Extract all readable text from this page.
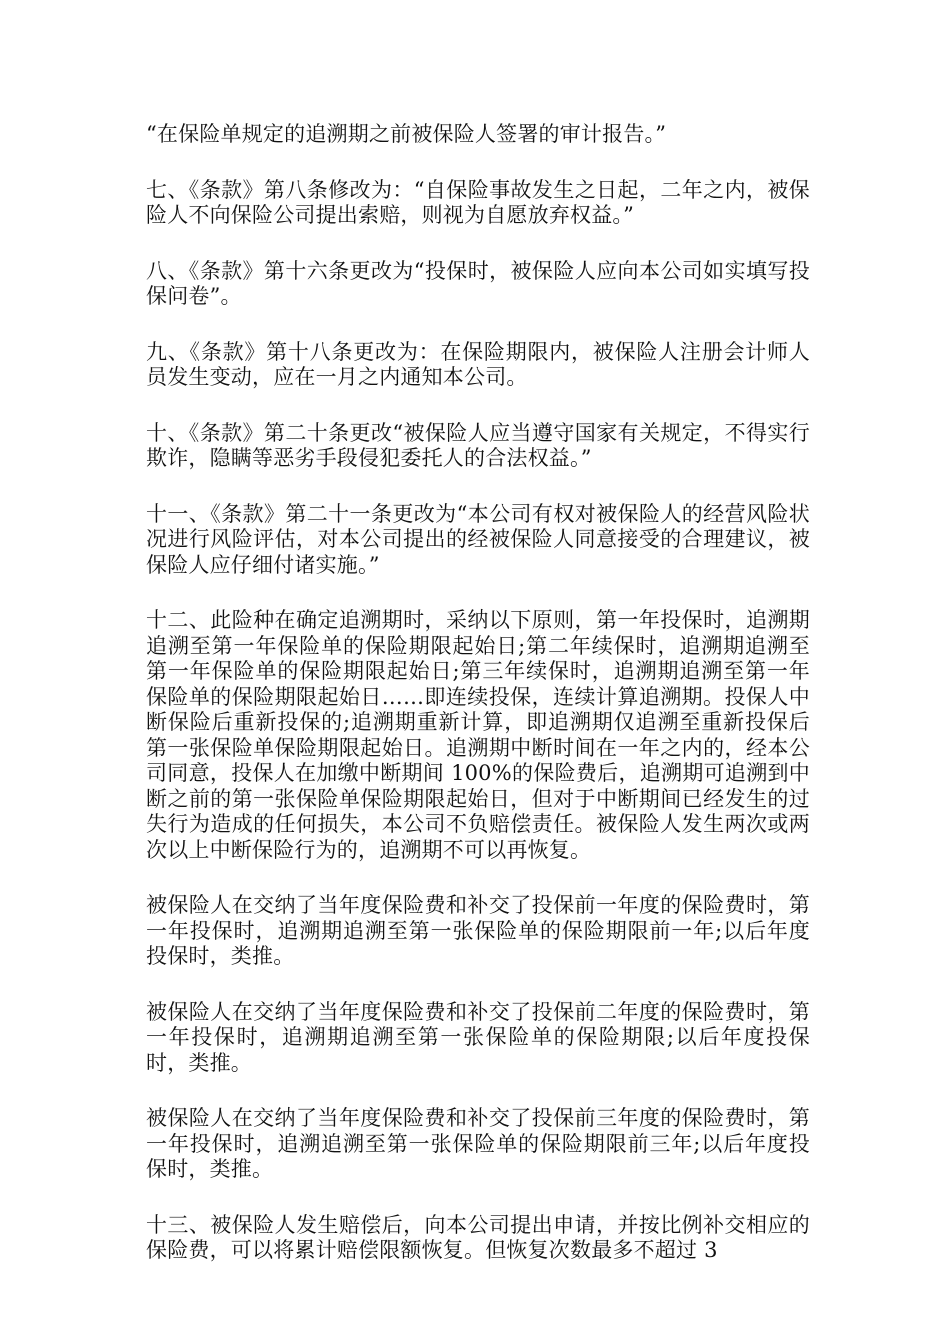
“在保险单规定的追溯期之前被保险人签署的审计报告。”

七、《条款》第八条修改为：“自保险事故发生之日起，二年之内，被保险人不向保险公司提出索赔，则视为自愿放弃权益。”

八、《条款》第十六条更改为“投保时，被保险人应向本公司如实填写投保问卷”。

九、《条款》第十八条更改为：在保险期限内，被保险人注册会计师人员发生变动，应在一月之内通知本公司。

十、《条款》第二十条更改“被保险人应当遵守国家有关规定，不得实行欺诈，隐瞒等恶劣手段侵犯委托人的合法权益。”

十一、《条款》第二十一条更改为“本公司有权对被保险人的经营风险状况进行风险评估，对本公司提出的经被保险人同意接受的合理建议，被保险人应仔细付诸实施。”

十二、此险种在确定追溯期时，采纳以下原则，第一年投保时，追溯期追溯至第一年保险单的保险期限起始日;第二年续保时，追溯期追溯至第一年保险单的保险期限起始日;第三年续保时，追溯期追溯至第一年保险单的保险期限起始日……即连续投保，连续计算追溯期。投保人中断保险后重新投保的;追溯期重新计算，即追溯期仅追溯至重新投保后第一张保险单保险期限起始日。追溯期中断时间在一年之内的，经本公司同意，投保人在加缴中断期间 100%的保险费后，追溯期可追溯到中断之前的第一张保险单保险期限起始日，但对于中断期间已经发生的过失行为造成的任何损失，本公司不负赔偿责任。被保险人发生两次或两次以上中断保险行为的，追溯期不可以再恢复。

被保险人在交纳了当年度保险费和补交了投保前一年度的保险费时，第一年投保时，追溯期追溯至第一张保险单的保险期限前一年;以后年度投保时，类推。

被保险人在交纳了当年度保险费和补交了投保前二年度的保险费时，第一年投保时，追溯期追溯至第一张保险单的保险期限;以后年度投保时，类推。

被保险人在交纳了当年度保险费和补交了投保前三年度的保险费时，第一年投保时，追溯追溯至第一张保险单的保险期限前三年;以后年度投保时，类推。

十三、被保险人发生赔偿后，向本公司提出申请，并按比例补交相应的保险费，可以将累计赔偿限额恢复。但恢复次数最多不超过 3
